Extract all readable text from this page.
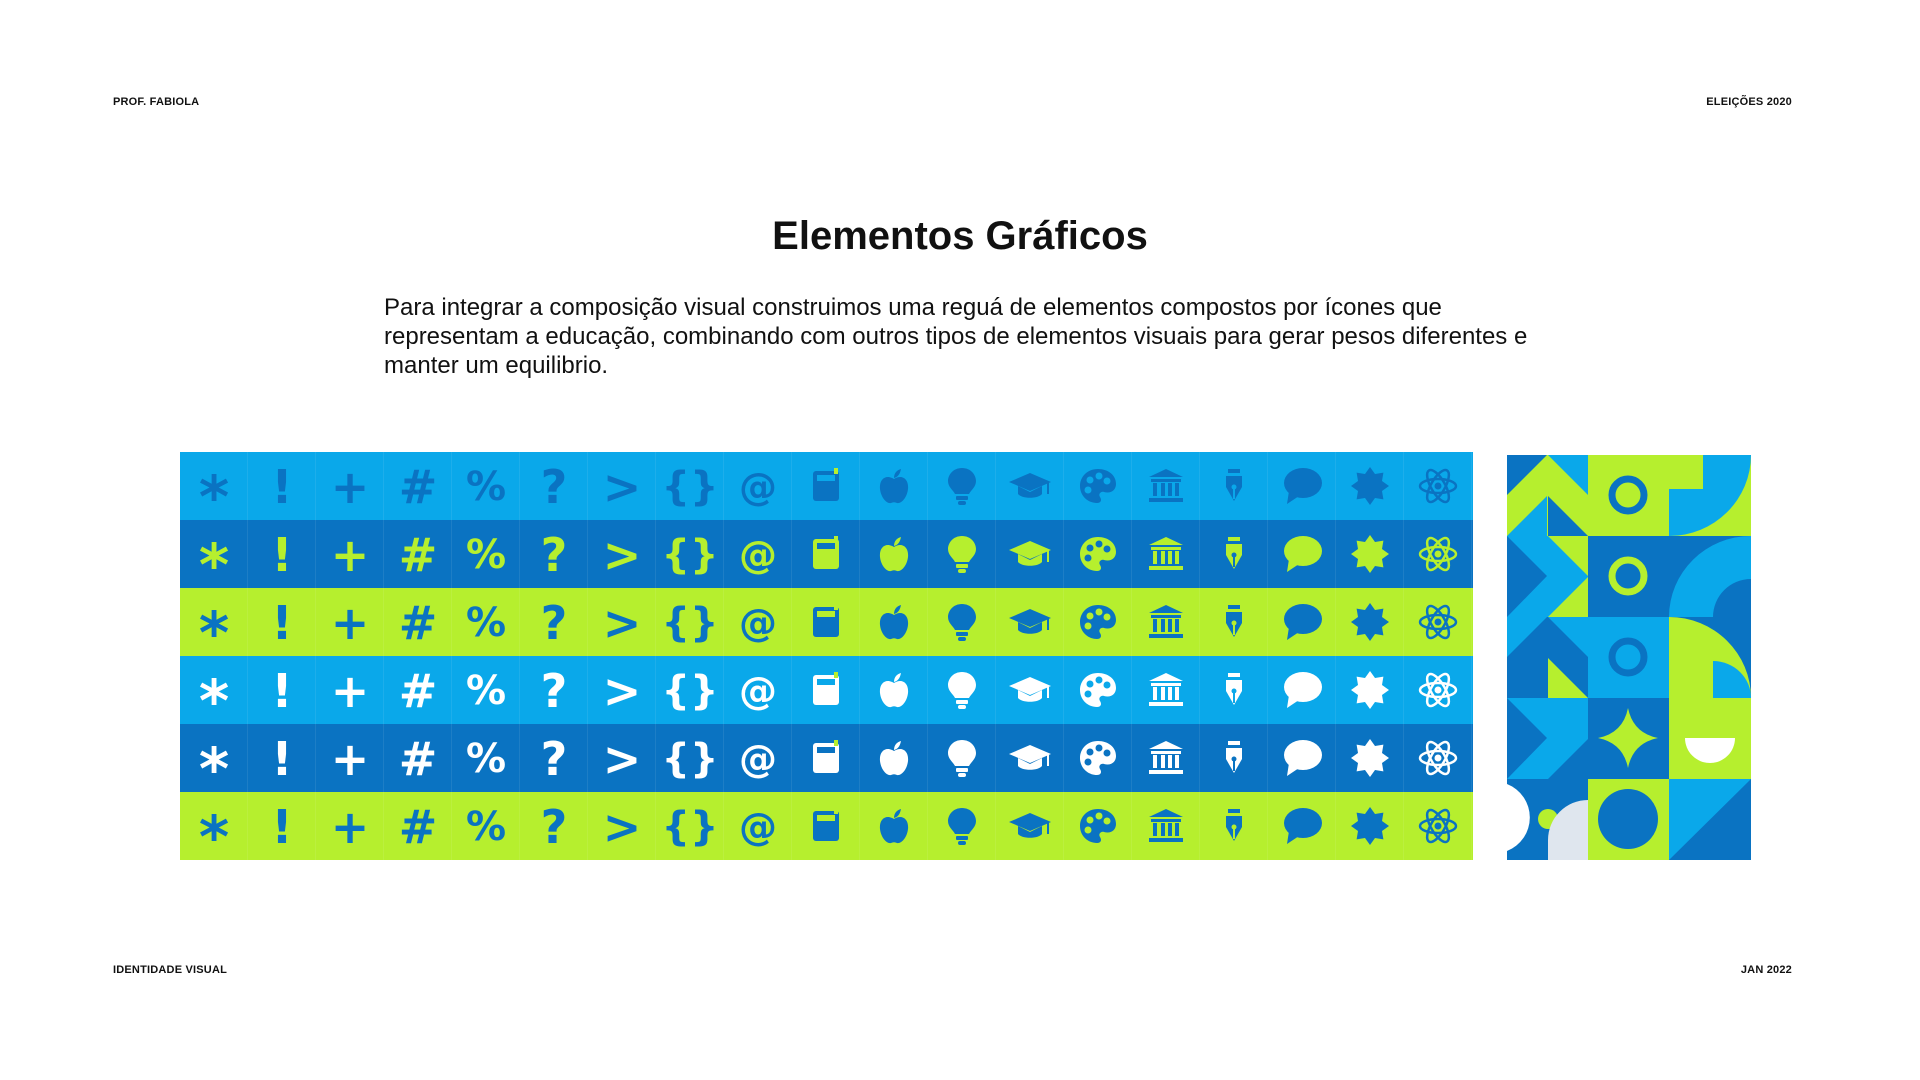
PROF. FABIOLA	ELEIÇÕES 2020
IDENTIDADE VISUAL	JAN 2022
Elementos Gráficos

Para integrar a composição visual construimos uma reguá de elementos compostos por ícones que representam a educação, combinando com outros tipos de elementos visuais para gerar pesos diferentes e manter um equilibrio.

* ! + # % ? > {} @
* ! + # % ? > {} @
* ! + # % ? > {} @
* ! + # % ? > {} @
* ! + # % ? > {} @
* ! + # % ? > {} @
